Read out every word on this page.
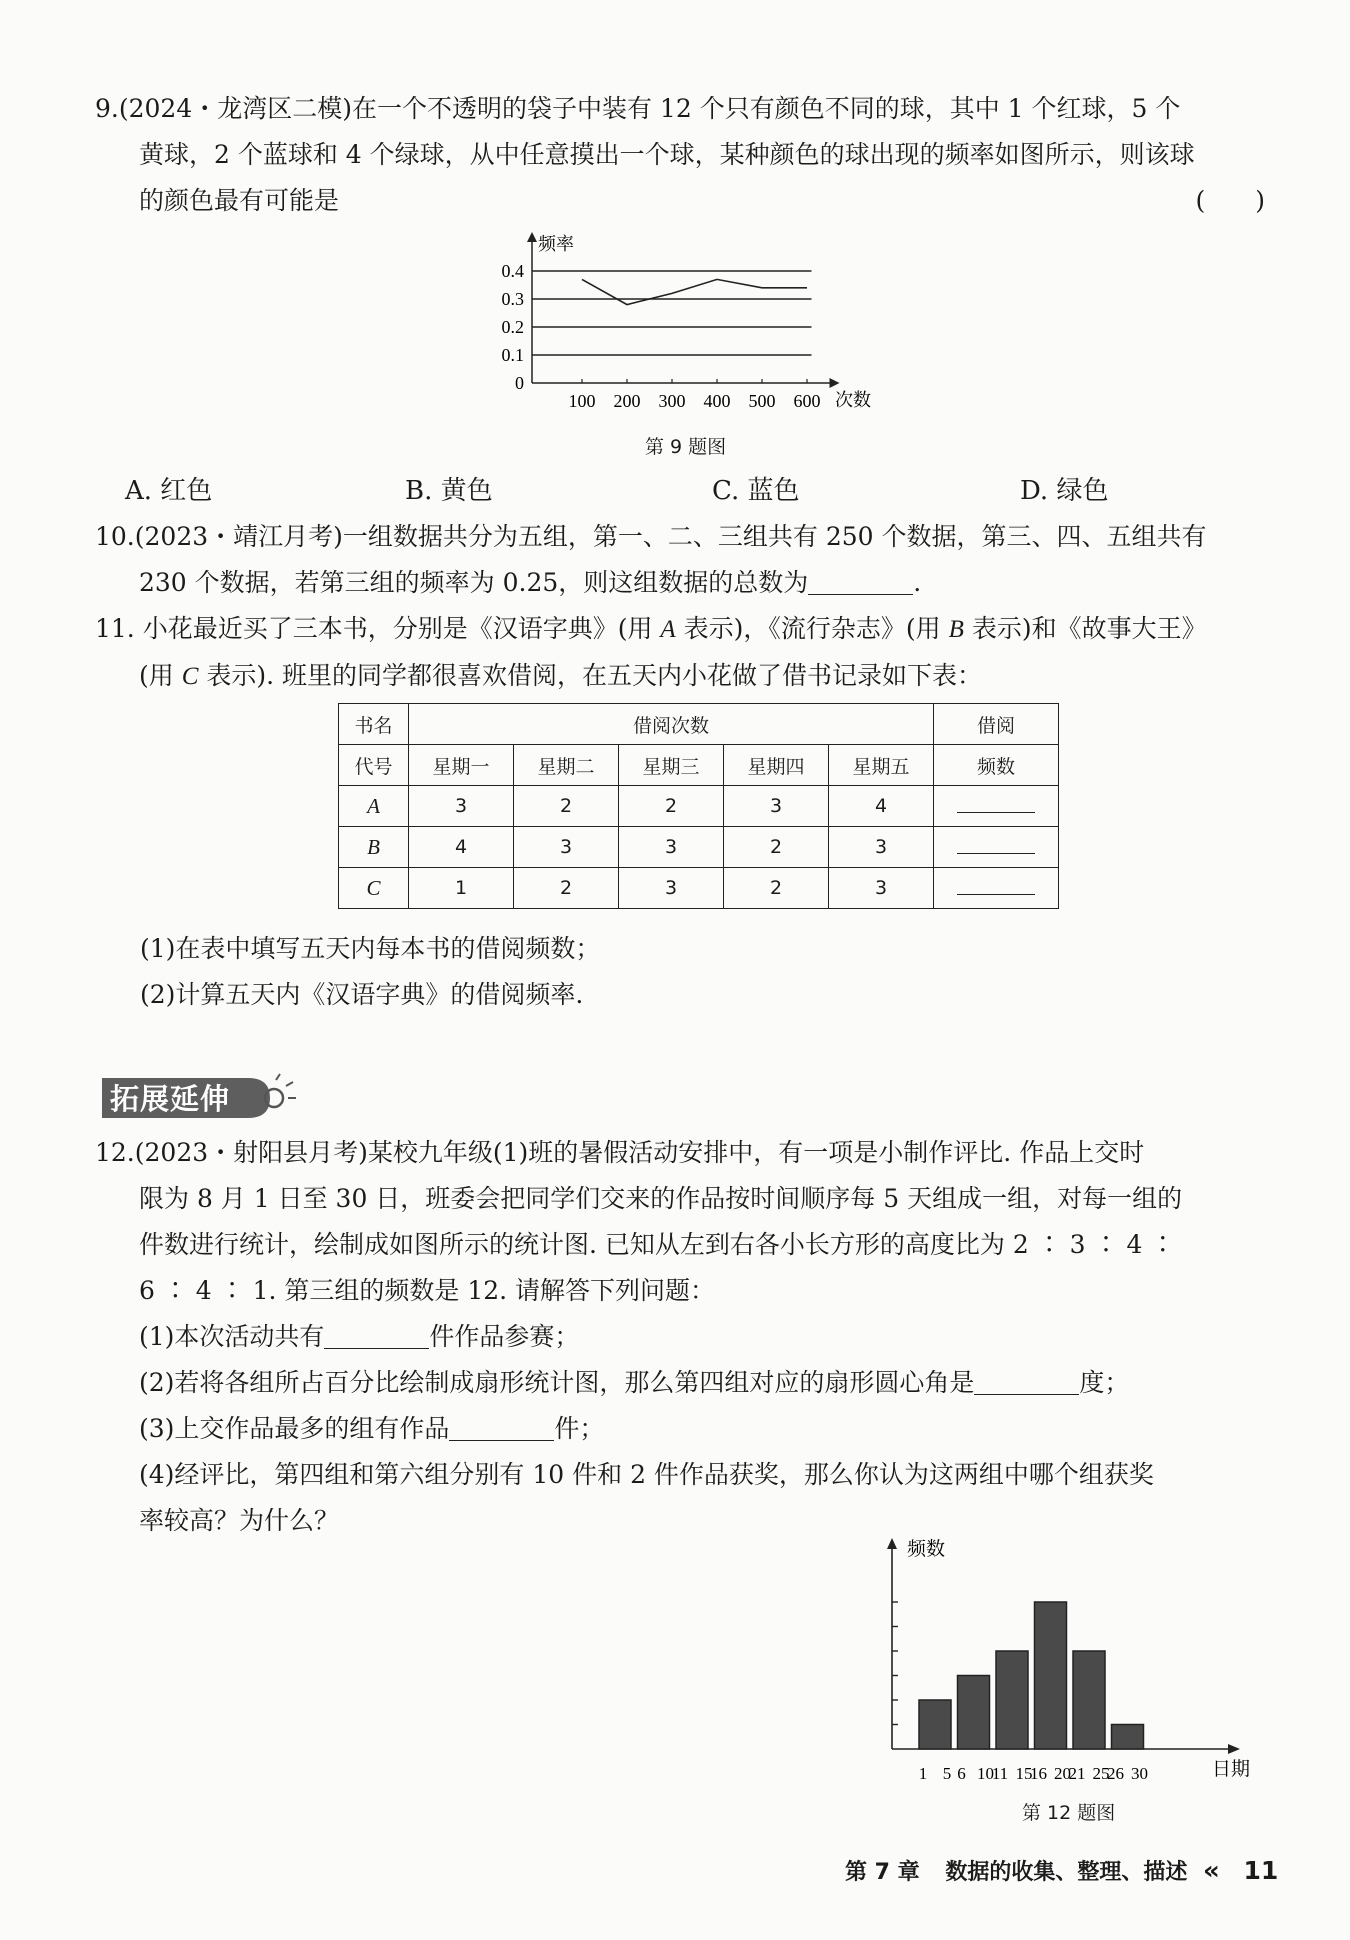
9.(2024・龙湾区二模)在一个不透明的袋子中装有 12 个只有颜色不同的球，其中 1 个红球，5 个

黄球，2 个蓝球和 4 个绿球，从中任意摸出一个球，某种颜色的球出现的频率如图所示，则该球

的颜色最有可能是	(　　)

0
0.1
0.2
0.3
0.4
100 200 300 400 500 600
频率
次数
第 9 题图
A. 红色	B. 黄色	C. 蓝色	D. 绿色

10.(2023・靖江月考)一组数据共分为五组，第一、二、三组共有 250 个数据，第三、四、五组共有

230 个数据，若第三组的频率为 0.25，则这组数据的总数为	.

11. 小花最近买了三本书，分别是《汉语字典》(用 A 表示)，《流行杂志》(用 B 表示)和《故事大王》

(用 C 表示). 班里的同学都很喜欢借阅，在五天内小花做了借书记录如下表：

书名	借阅次数					借阅
代号	星期一	星期二	星期三	星期四	星期五	频数
A	3	2	2	3	4	
B	4	3	3	2	3	
C	1	2	3	2	3	

(1)在表中填写五天内每本书的借阅频数；

(2)计算五天内《汉语字典》的借阅频率.

拓展延伸

12.(2023・射阳县月考)某校九年级(1)班的暑假活动安排中，有一项是小制作评比. 作品上交时

限为 8 月 1 日至 30 日，班委会把同学们交来的作品按时间顺序每 5 天组成一组，对每一组的

件数进行统计，绘制成如图所示的统计图. 已知从左到右各小长方形的高度比为 2 ∶ 3 ∶ 4 ∶

6 ∶ 4 ∶ 1. 第三组的频数是 12. 请解答下列问题：

(1)本次活动共有	件作品参赛；

(2)若将各组所占百分比绘制成扇形统计图，那么第四组对应的扇形圆心角是	度；

(3)上交作品最多的组有作品	件；

(4)经评比，第四组和第六组分别有 10 件和 2 件作品获奖，那么你认为这两组中哪个组获奖

率较高？为什么？

1 5 6 10
11 15
16 20
21 25
26 30
频数
日期
第 12 题图
第 7 章 数据的收集、整理、描述 « 11
